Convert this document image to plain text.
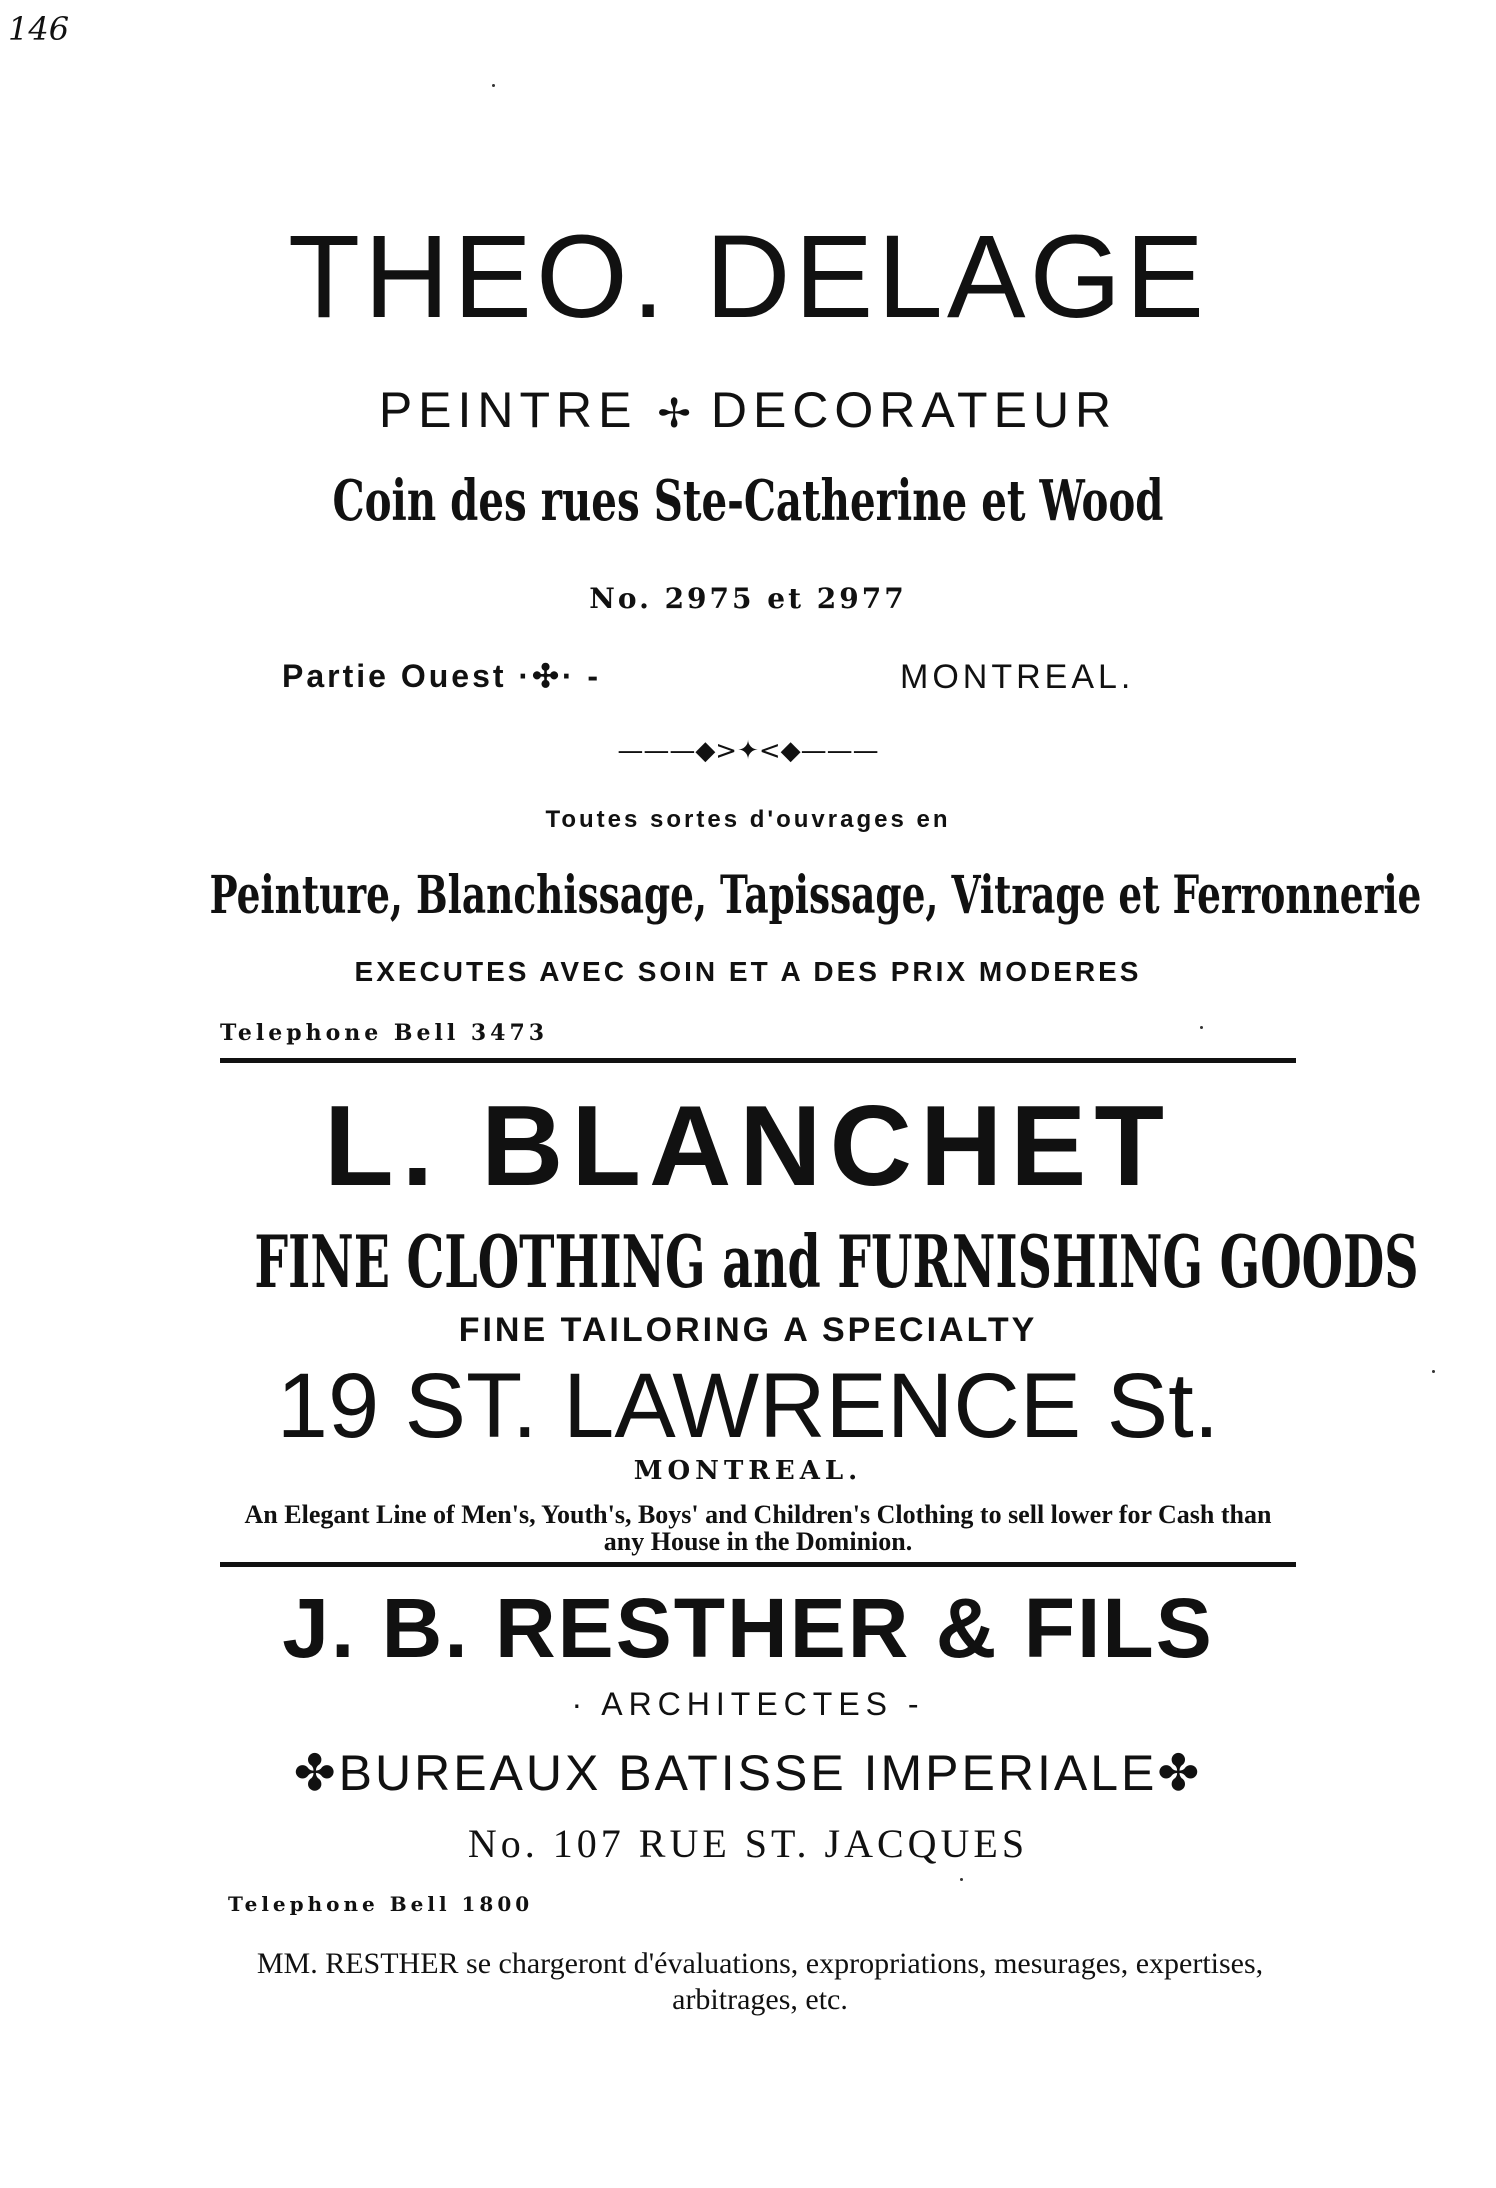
146
THEO. DELAGE
PEINTRE ✢ DECORATEUR
Coin des rues Ste-Catherine et Wood
No. 2975 et 2977
Partie Ouest ·✣· -	MONTREAL.
———◆>✦<◆———
Toutes sortes d'ouvrages en
Peinture, Blanchissage, Tapissage, Vitrage et Ferronnerie
EXECUTES AVEC SOIN ET A DES PRIX MODERES
Telephone Bell 3473
L. BLANCHET
FINE CLOTHING and FURNISHING GOODS
FINE TAILORING A SPECIALTY
19 ST. LAWRENCE St.
MONTREAL.
An Elegant Line of Men's, Youth's, Boys' and Children's Clothing to sell lower for Cash than any House in the Dominion.
J. B. RESTHER & FILS
· ARCHITECTES -
✤BUREAUX BATISSE IMPERIALE✤
No. 107 RUE ST. JACQUES
Telephone Bell 1800
MM. RESTHER se chargeront d'évaluations, expropriations, mesurages, expertises, arbitrages, etc.
